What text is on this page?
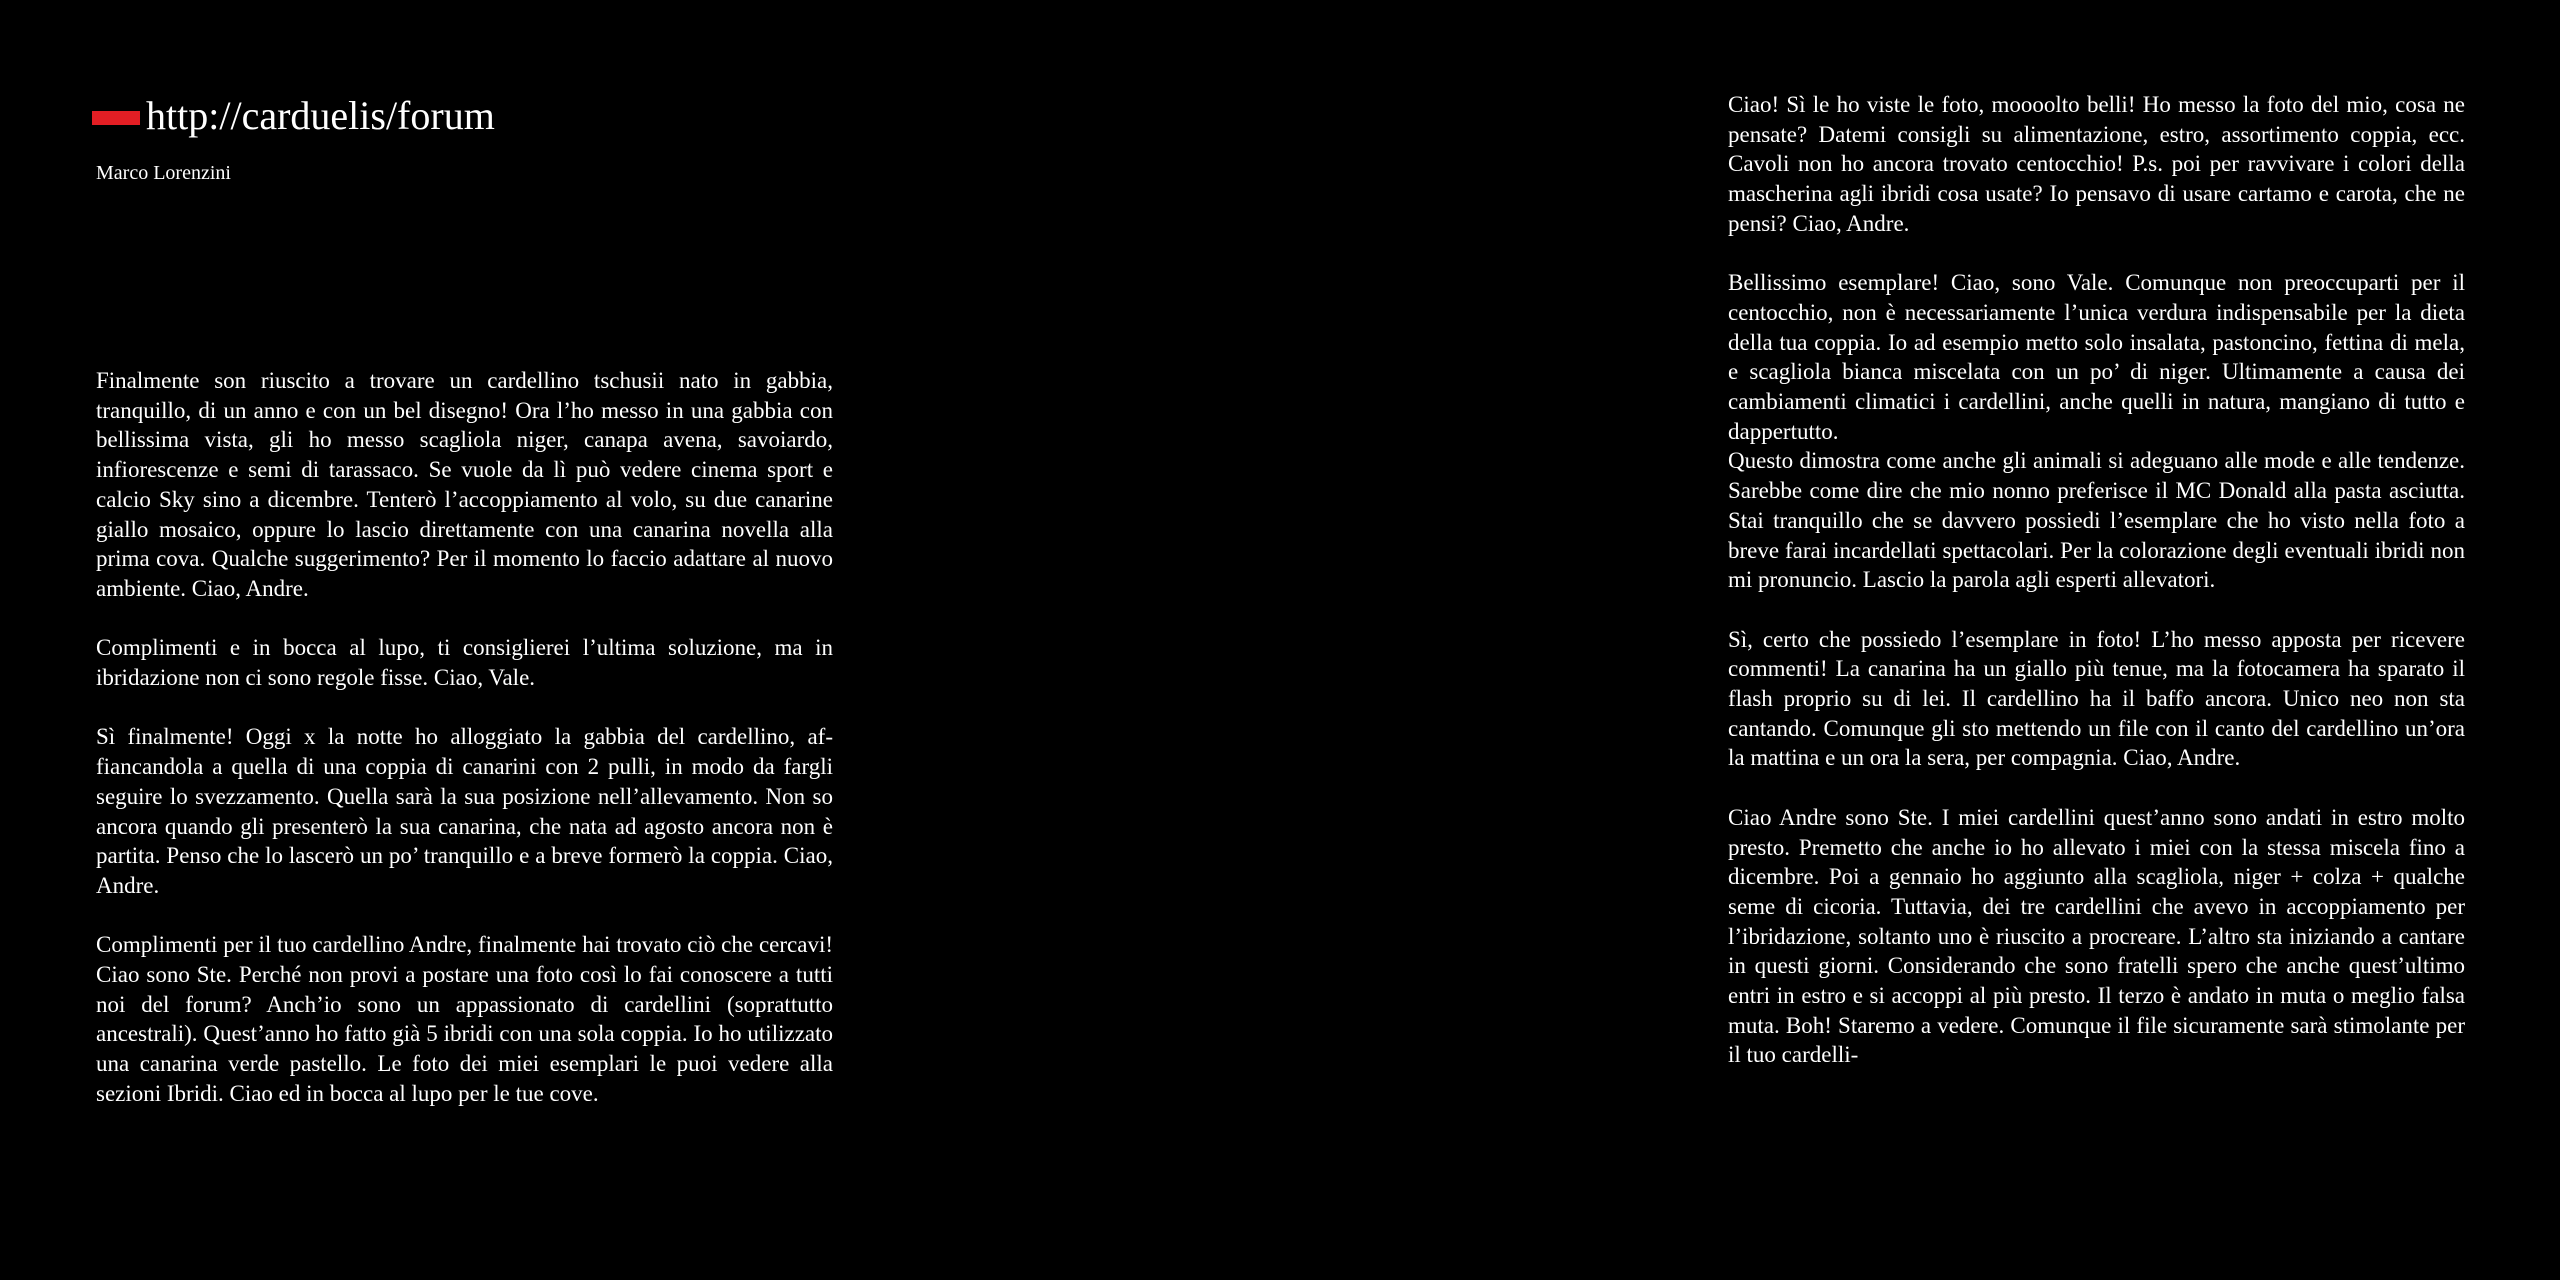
http://carduelis/forum
Marco Lorenzini

Finalmente son riuscito a trovare un cardellino tschusii nato in gabbia, tranquillo, di un anno e con un bel disegno! Ora l’ho messo in una gabbia con bellissima vista, gli ho messo scagliola niger, canapa avena, savoiardo, infiorescenze e semi di tarassaco. Se vuole da lì può vedere cinema sport e calcio Sky sino a dicembre. Tenterò l’accoppiamento al volo, su due canarine giallo mosaico, oppure lo lascio direttamente con una canarina novella alla prima cova. Qualche suggerimento? Per il momento lo faccio adattare al nuovo ambiente. Ciao, Andre.

Complimenti e in bocca al lupo, ti consiglierei l’ultima soluzione, ma in ibridazione non ci sono regole fisse. Ciao, Vale.

Sì finalmente! Oggi x la notte ho alloggiato la gabbia del cardellino, affiancandola a quella di una coppia di canarini con 2 pulli, in modo da fargli seguire lo svezzamento. Quella sarà la sua posizione nell’allevamento. Non so ancora quando gli presenterò la sua canarina, che nata ad agosto ancora non è partita. Penso che lo lascerò un po’ tranquillo e a breve formerò la coppia. Ciao, Andre.

Complimenti per il tuo cardellino Andre, finalmente hai trovato ciò che cercavi! Ciao sono Ste. Perché non provi a postare una foto così lo fai conoscere a tutti noi del forum? Anch’io sono un appassionato di cardellini (soprattutto ancestrali). Quest’anno ho fatto già 5 ibridi con una sola coppia. Io ho utilizzato una canarina verde pastello. Le foto dei miei esemplari le puoi vedere alla sezioni Ibridi. Ciao ed in bocca al lupo per le tue cove.

Ciao! Sì le ho viste le foto, moooolto belli! Ho messo la foto del mio, cosa ne pensate? Datemi consigli su alimentazione, estro, assortimento coppia, ecc. Cavoli non ho ancora trovato centocchio! P.s. poi per ravvivare i colori della mascherina agli ibridi cosa usate? Io pensavo di usare cartamo e carota, che ne pensi? Ciao, Andre.

Bellissimo esemplare! Ciao, sono Vale. Comunque non preoccuparti per il centocchio, non è necessariamente l’unica verdura indispensabile per la dieta della tua coppia. Io ad esempio metto solo insalata, pastoncino, fettina di mela, e scagliola bianca miscelata con un po’ di niger. Ultimamente a causa dei cambiamenti climatici i cardellini, anche quelli in natura, mangiano di tutto e dappertutto.

Questo dimostra come anche gli animali si adeguano alle mode e alle tendenze. Sarebbe come dire che mio nonno preferisce il MC Donald alla pasta asciutta. Stai tranquillo che se davvero possiedi l’esemplare che ho visto nella foto a breve farai incardellati spettacolari. Per la colorazione degli eventuali ibridi non mi pronuncio. Lascio la parola agli esperti allevatori.

Sì, certo che possiedo l’esemplare in foto! L’ho messo apposta per ricevere commenti! La canarina ha un giallo più tenue, ma la fotocamera ha sparato il flash proprio su di lei. Il cardellino ha il baffo ancora. Unico neo non sta cantando. Comunque gli sto mettendo un file con il canto del cardellino un’ora la mattina e un ora la sera, per compagnia. Ciao, Andre.

Ciao Andre sono Ste. I miei cardellini quest’anno sono andati in estro molto presto. Premetto che anche io ho allevato i miei con la stessa miscela fino a dicembre. Poi a gennaio ho aggiunto alla scagliola, niger + colza + qualche seme di cicoria. Tuttavia, dei tre cardellini che avevo in accoppiamento per l’ibridazione, soltanto uno è riuscito a procreare. L’altro sta iniziando a cantare in questi giorni. Considerando che sono fratelli spero che anche quest’ultimo entri in estro e si accoppi al più presto. Il terzo è andato in muta o meglio falsa muta. Boh! Staremo a vedere. Comunque il file sicuramente sarà stimolante per il tuo cardelli-
